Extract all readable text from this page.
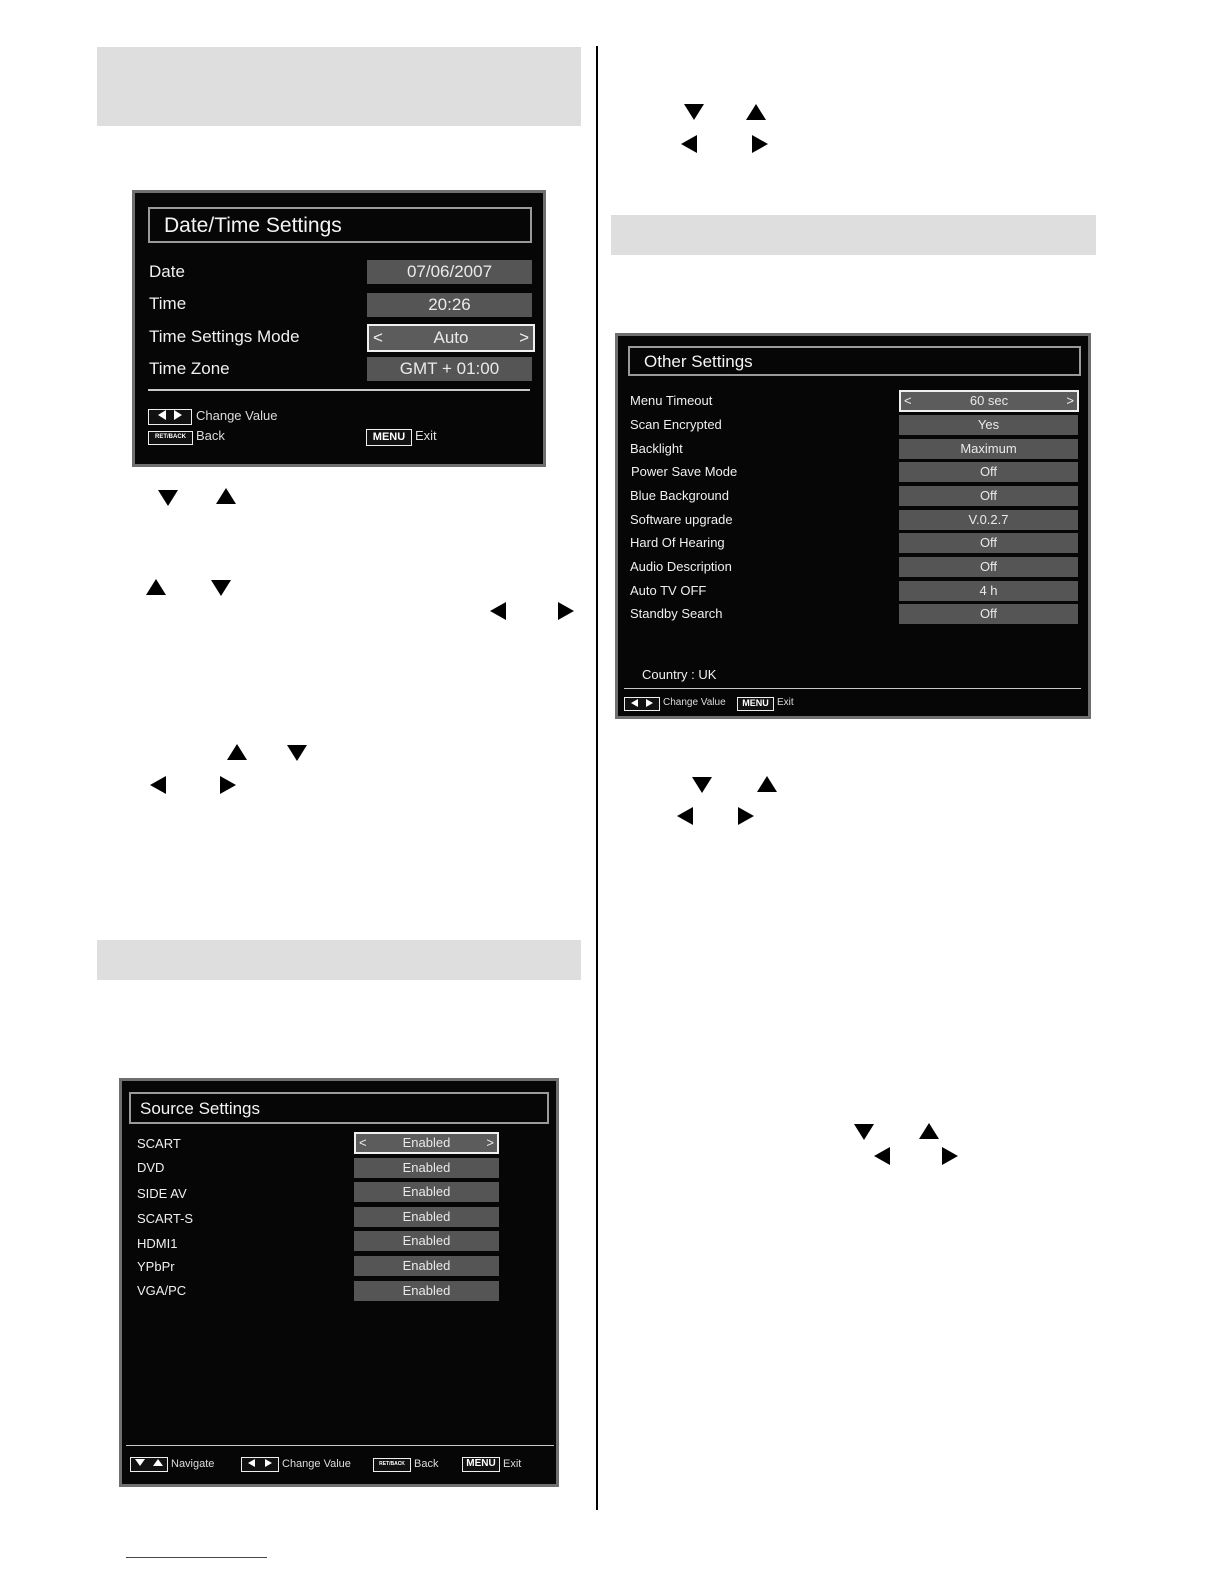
Date/Time Settings
Date	07/06/2007
Time	20:26
Time Settings Mode	<	Auto	>
Time Zone	GMT + 01:00

Change Value
RET/BACK Back	MENU Exit
Other Settings
Menu Timeout	<	60 sec	>
Scan Encrypted	Yes
Backlight	Maximum
Power Save Mode	Off
Blue Background	Off
Software upgrade	V.0.2.7
Hard Of Hearing	Off
Audio Description	Off
Auto TV OFF	4 h
Standby Search	Off
Country : UK

Change Value	MENU Exit
Source Settings
SCART	<	Enabled	>
DVD	Enabled
SIDE AV	Enabled
SCART-S	Enabled
HDMI1	Enabled
YPbPr	Enabled
VGA/PC	Enabled

Navigate
	Change Value	RET/BACK Back	MENU Exit
